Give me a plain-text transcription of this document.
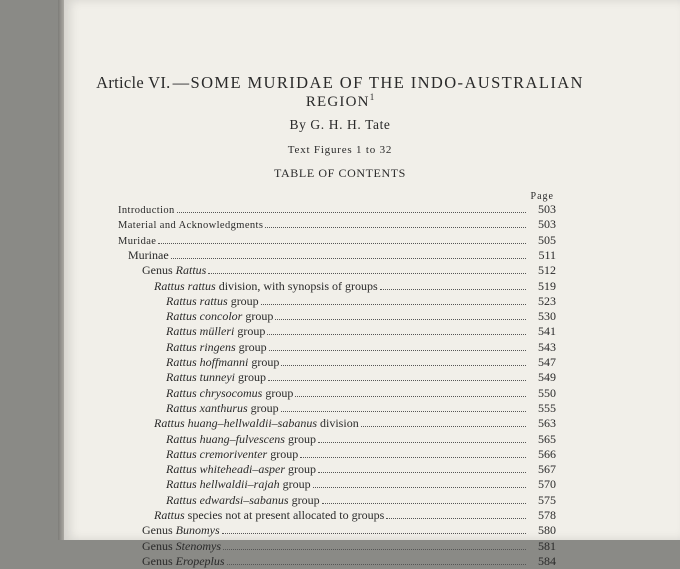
Article VI. —SOME MURIDAE OF THE INDO-AUSTRALIAN
REGION$^1$
By G. H. H. Tate
Text Figures 1 to 32
TABLE OF CONTENTS
Page
Introduction	503
Material and Acknowledgments	503
Muridae	505
Murinae	511
Genus Rattus	512
Rattus rattus division, with synopsis of groups	519
Rattus rattus group	523
Rattus concolor group	530
Rattus mülleri group	541
Rattus ringens group	543
Rattus hoffmanni group	547
Rattus tunneyi group	549
Rattus chrysocomus group	550
Rattus xanthurus group	555
Rattus huang–hellwaldii–sabanus division	563
Rattus huang–fulvescens group	565
Rattus cremoriventer group	566
Rattus whiteheadi–asper group	567
Rattus hellwaldii–rajah group	570
Rattus edwardsi–sabanus group	575
Rattus species not at present allocated to groups	578
Genus Bunomys	580
Genus Stenomys	581
Genus Eropeplus	584
